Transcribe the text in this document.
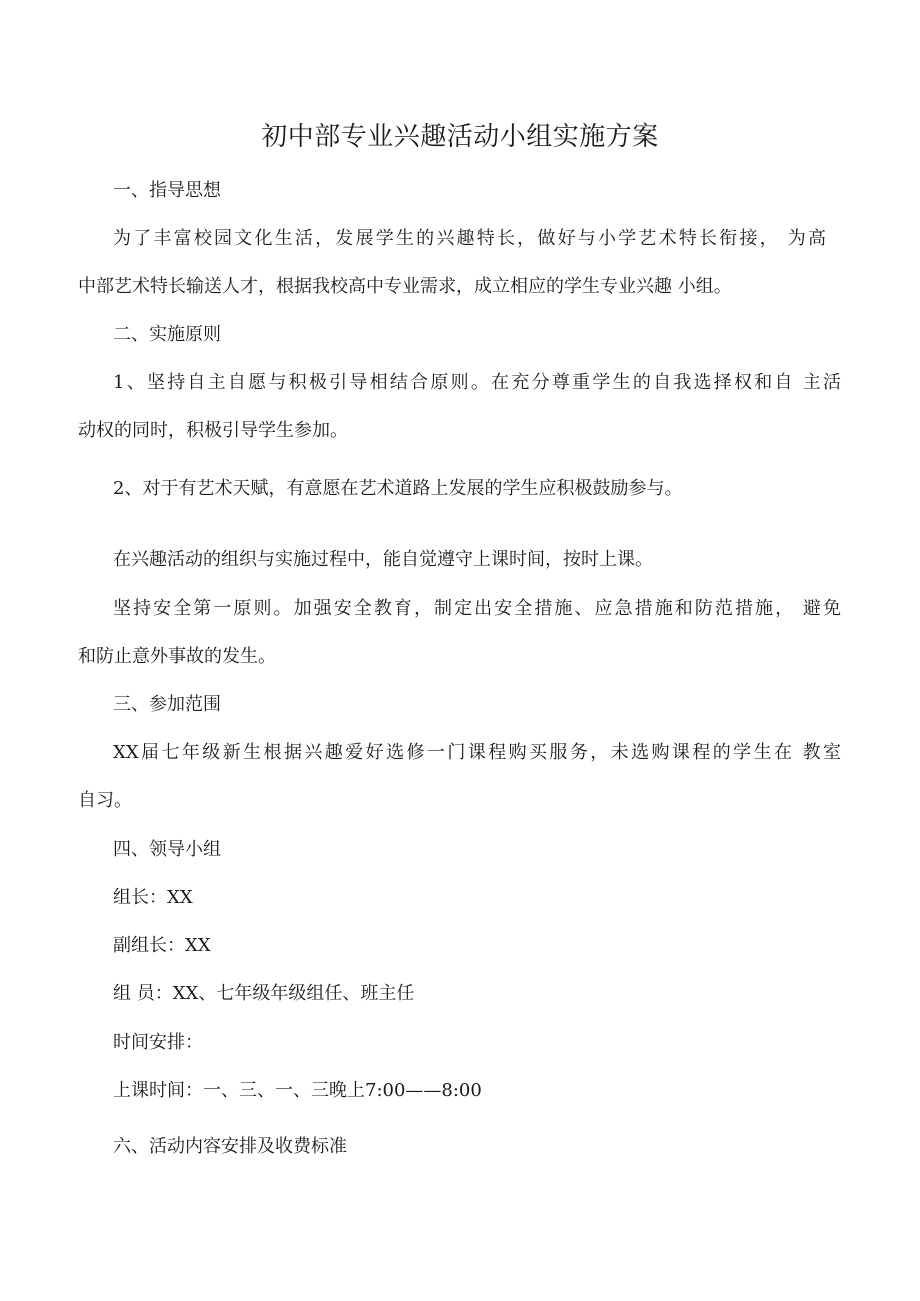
初中部专业兴趣活动小组实施方案
一、指导思想
为了丰富校园文化生活，发展学生的兴趣特长，做好与小学艺术特长衔接， 为高
中部艺术特长输送人才，根据我校高中专业需求，成立相应的学生专业兴趣 小组。
二、实施原则
1、坚持自主自愿与积极引导相结合原则。在充分尊重学生的自我选择权和自 主活
动权的同时，积极引导学生参加。
2、对于有艺术天赋，有意愿在艺术道路上发展的学生应积极鼓励参与。
在兴趣活动的组织与实施过程中，能自觉遵守上课时间，按时上课。
坚持安全第一原则。加强安全教育，制定出安全措施、应急措施和防范措施， 避免
和防止意外事故的发生。
三、参加范围
XX届七年级新生根据兴趣爱好选修一门课程购买服务，未选购课程的学生在 教室
自习。
四、领导小组
组长：XX
副组长：XX
组 员：XX、七年级年级组任、班主任
时间安排：
上课时间：一、三、一、三晚上7:00——8:00
六、活动内容安排及收费标准
